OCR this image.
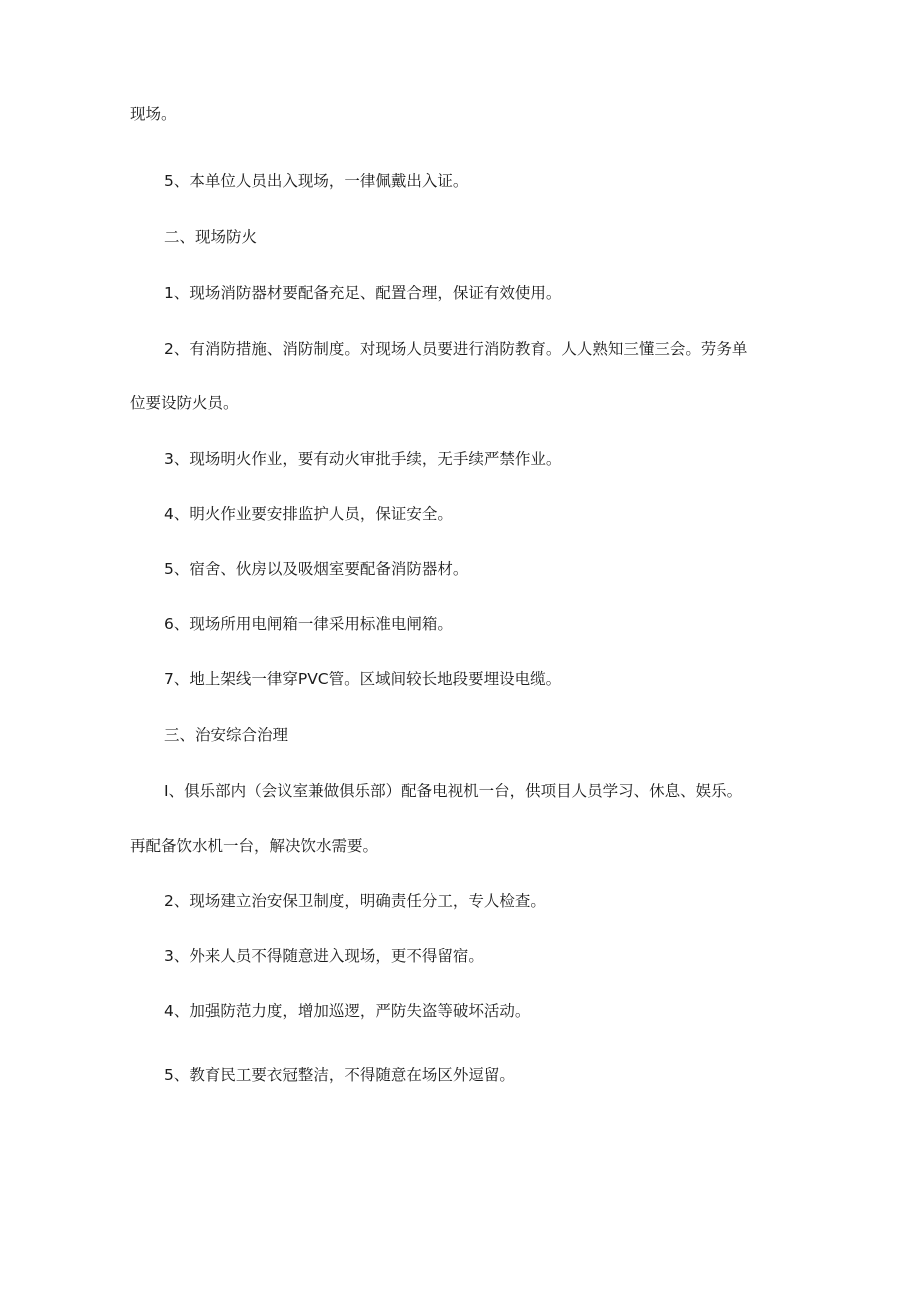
现场。
5、本单位人员出入现场，一律佩戴出入证。
二、现场防火
1、现场消防器材要配备充足、配置合理，保证有效使用。
2、有消防措施、消防制度。对现场人员要进行消防教育。人人熟知三懂三会。劳务单
位要设防火员。
3、现场明火作业，要有动火审批手续，无手续严禁作业。
4、明火作业要安排监护人员，保证安全。
5、宿舍、伙房以及吸烟室要配备消防器材。
6、现场所用电闸箱一律采用标准电闸箱。
7、地上架线一律穿PVC管。区域间较长地段要埋设电缆。
三、治安综合治理
I、俱乐部内（会议室兼做俱乐部）配备电视机一台，供项目人员学习、休息、娱乐。
再配备饮水机一台，解决饮水需要。
2、现场建立治安保卫制度，明确责任分工，专人检查。
3、外来人员不得随意进入现场，更不得留宿。
4、加强防范力度，增加巡逻，严防失盗等破坏活动。
5、教育民工要衣冠整洁，不得随意在场区外逗留。
